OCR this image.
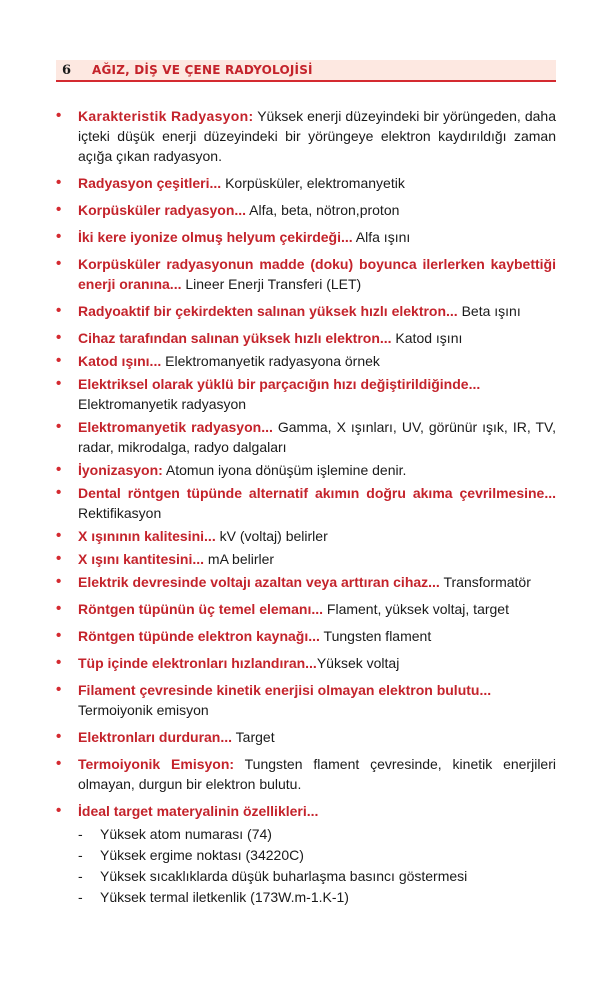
6	AĞIZ, DİŞ VE ÇENE RADYOLOJİSİ
• Karakteristik Radyasyon: Yüksek enerji düzeyindeki bir yörüngeden, daha içteki düşük enerji düzeyindeki bir yörüngeye elektron kaydırıldığı zaman açığa çıkan radyasyon.
• Radyasyon çeşitleri... Korpüsküler, elektromanyetik
• Korpüsküler radyasyon... Alfa, beta, nötron,proton
• İki kere iyonize olmuş helyum çekirdeği... Alfa ışını
• Korpüsküler radyasyonun madde (doku) boyunca ilerlerken kaybettiği enerji oranına... Lineer Enerji Transferi (LET)
• Radyoaktif bir çekirdekten salınan yüksek hızlı elektron... Beta ışını
• Cihaz tarafından salınan yüksek hızlı elektron... Katod ışını
• Katod ışını... Elektromanyetik radyasyona örnek
• Elektriksel olarak yüklü bir parçacığın hızı değiştirildiğinde... Elektromanyetik radyasyon
• Elektromanyetik radyasyon... Gamma, X ışınları, UV, görünür ışık, IR, TV, radar, mikrodalga, radyo dalgaları
• İyonizasyon: Atomun iyona dönüşüm işlemine denir.
• Dental röntgen tüpünde alternatif akımın doğru akıma çevrilmesine... Rektifikasyon
• X ışınının kalitesini... kV (voltaj) belirler
• X ışını kantitesini... mA belirler
• Elektrik devresinde voltajı azaltan veya arttıran cihaz... Transformatör
• Röntgen tüpünün üç temel elemanı... Flament, yüksek voltaj, target
• Röntgen tüpünde elektron kaynağı... Tungsten flament
• Tüp içinde elektronları hızlandıran...Yüksek voltaj
• Filament çevresinde kinetik enerjisi olmayan elektron bulutu... Termoiyonik emisyon
• Elektronları durduran... Target
• Termoiyonik Emisyon: Tungsten flament çevresinde, kinetik enerjileri olmayan, durgun bir elektron bulutu.
• İdeal target materyalinin özellikleri...
- Yüksek atom numarası (74)
- Yüksek ergime noktası (34220C)
- Yüksek sıcaklıklarda düşük buharlaşma basıncı göstermesi
- Yüksek termal iletkenlik (173W.m-1.K-1)
